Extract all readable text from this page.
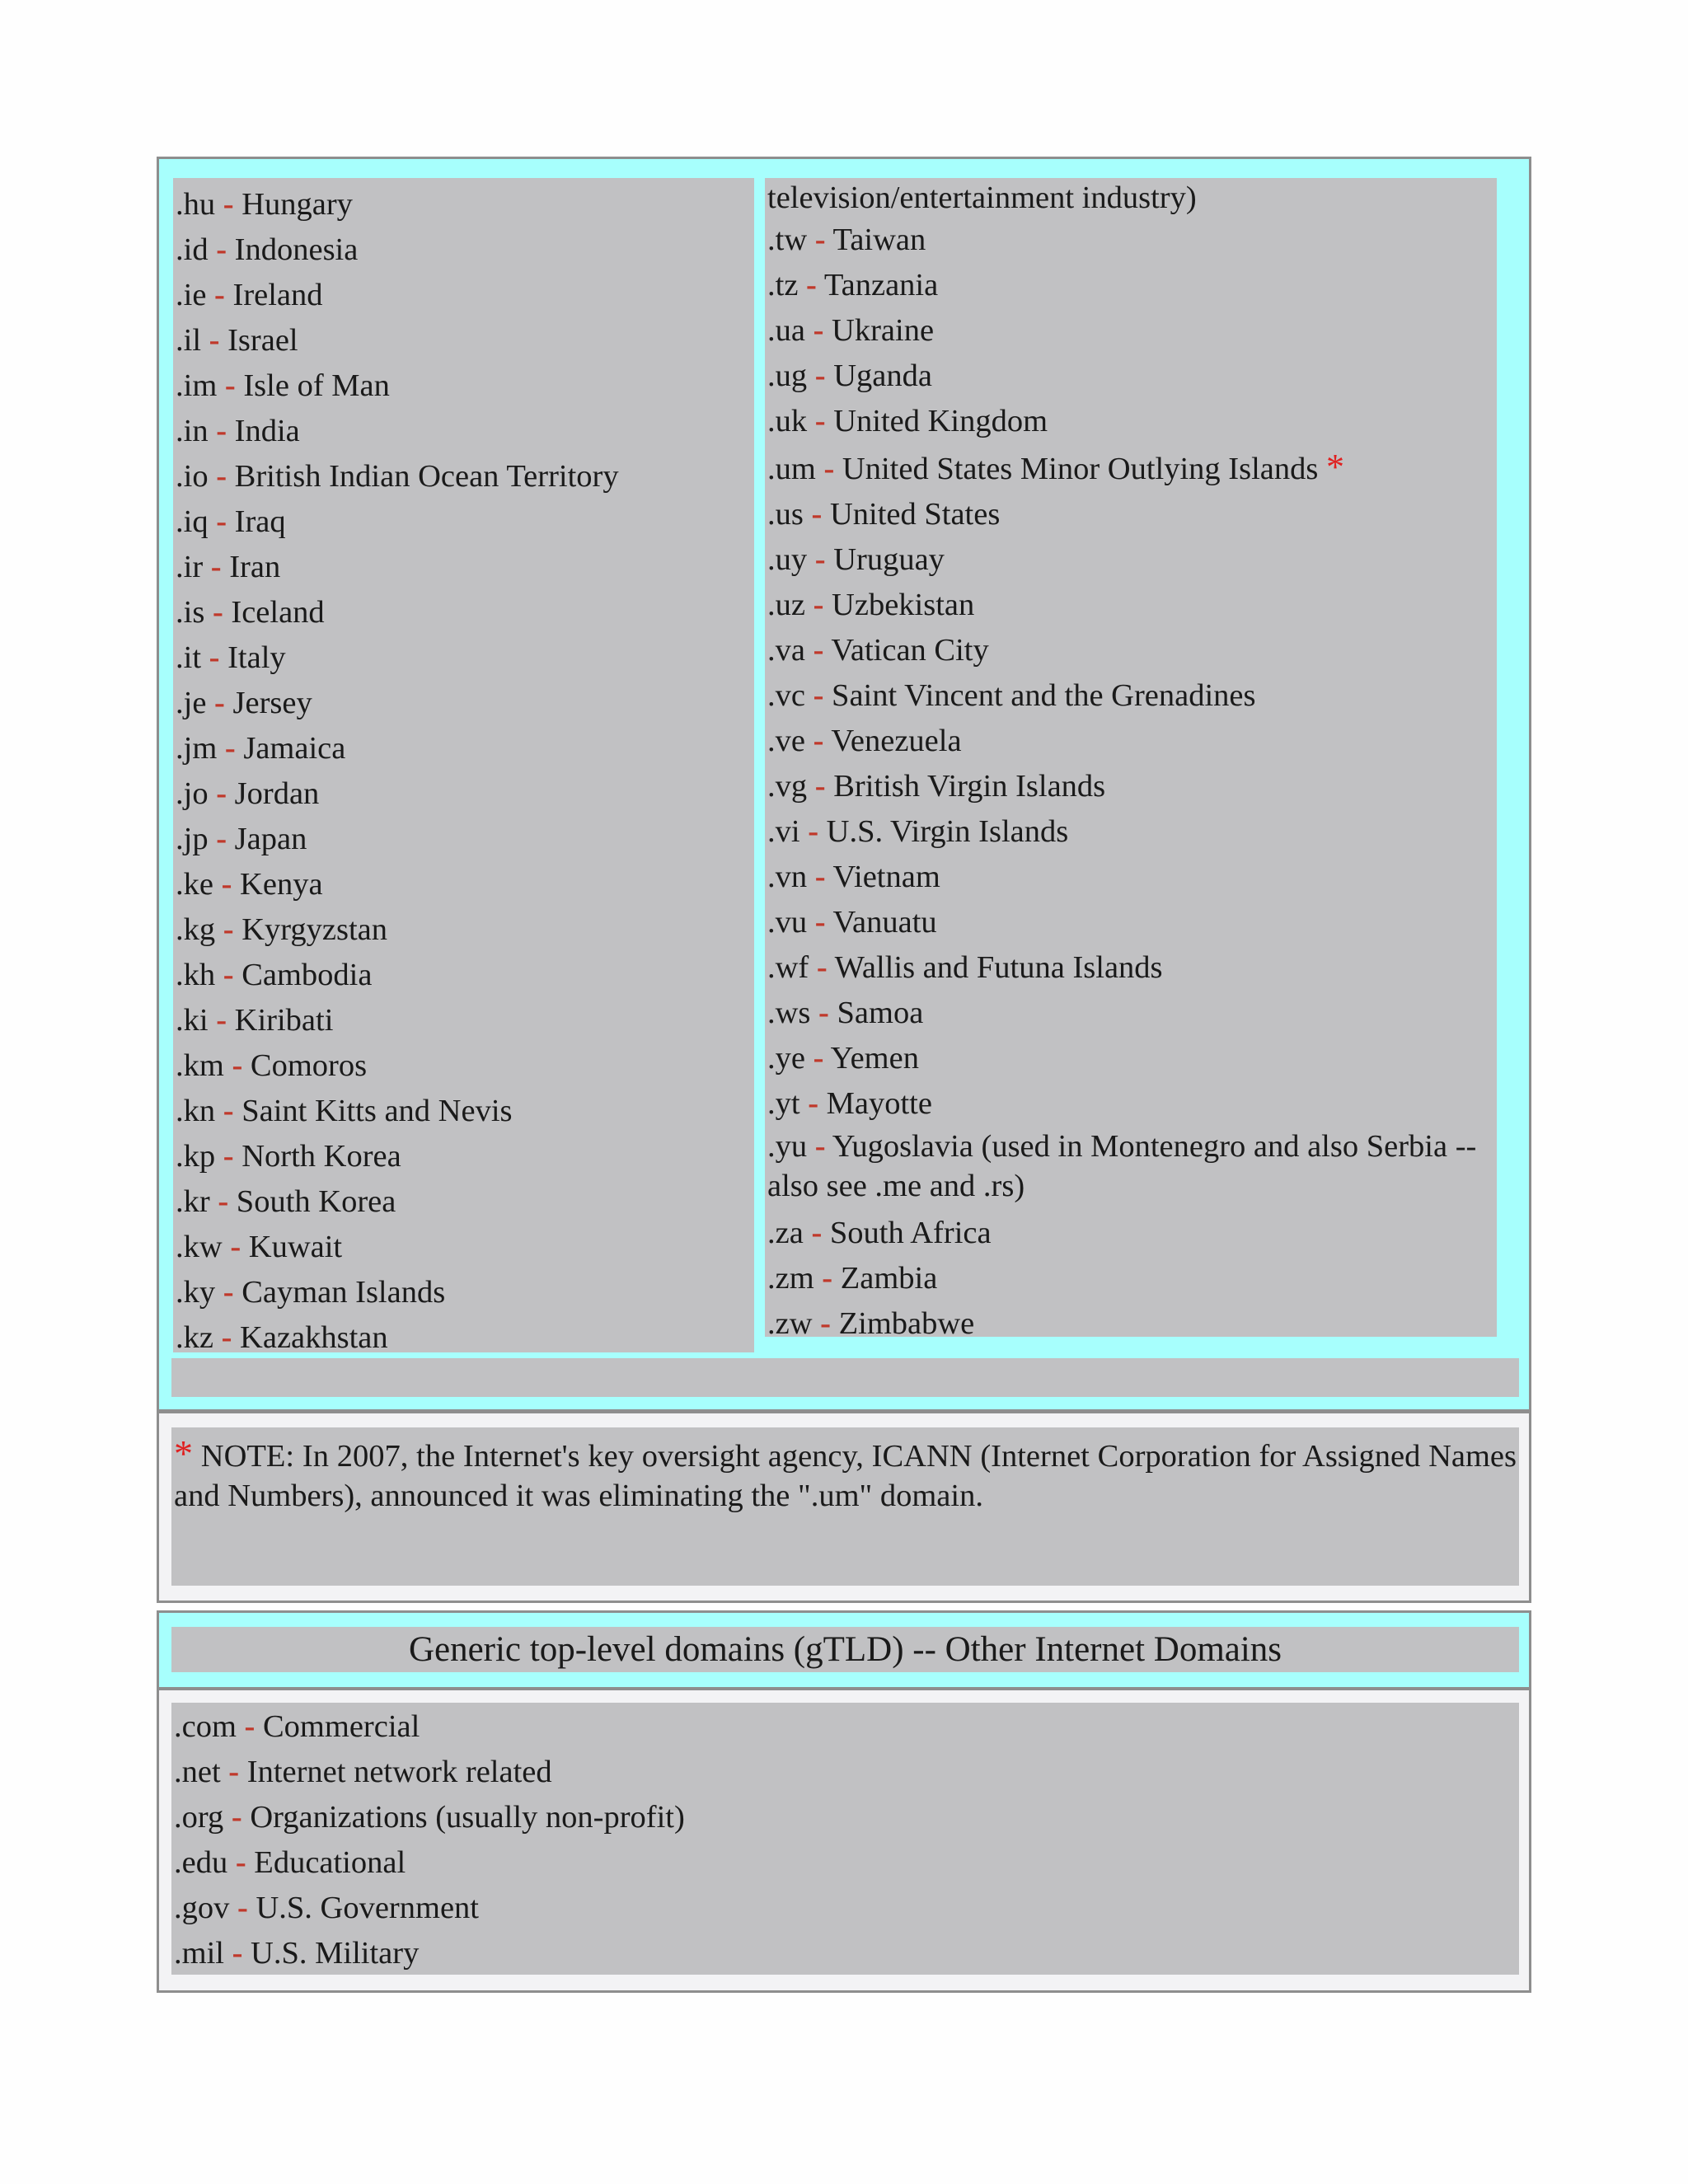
.hu - Hungary
.id - Indonesia
.ie - Ireland
.il - Israel
.im - Isle of Man
.in - India
.io - British Indian Ocean Territory
.iq - Iraq
.ir - Iran
.is - Iceland
.it - Italy
.je - Jersey
.jm - Jamaica
.jo - Jordan
.jp - Japan
.ke - Kenya
.kg - Kyrgyzstan
.kh - Cambodia
.ki - Kiribati
.km - Comoros
.kn - Saint Kitts and Nevis
.kp - North Korea
.kr - South Korea
.kw - Kuwait
.ky - Cayman Islands
.kz - Kazakhstan
television/entertainment industry)
.tw - Taiwan
.tz - Tanzania
.ua - Ukraine
.ug - Uganda
.uk - United Kingdom
.um - United States Minor Outlying Islands *
.us - United States
.uy - Uruguay
.uz - Uzbekistan
.va - Vatican City
.vc - Saint Vincent and the Grenadines
.ve - Venezuela
.vg - British Virgin Islands
.vi - U.S. Virgin Islands
.vn - Vietnam
.vu - Vanuatu
.wf - Wallis and Futuna Islands
.ws - Samoa
.ye - Yemen
.yt - Mayotte
.yu - Yugoslavia (used in Montenegro and also Serbia -- also see .me and .rs)
.za - South Africa
.zm - Zambia
.zw - Zimbabwe
* NOTE: In 2007, the Internet's key oversight agency, ICANN (Internet Corporation for Assigned Names and Numbers), announced it was eliminating the ".um" domain.
Generic top-level domains (gTLD) -- Other Internet Domains
.com - Commercial
.net - Internet network related
.org - Organizations (usually non-profit)
.edu - Educational
.gov - U.S. Government
.mil - U.S. Military
